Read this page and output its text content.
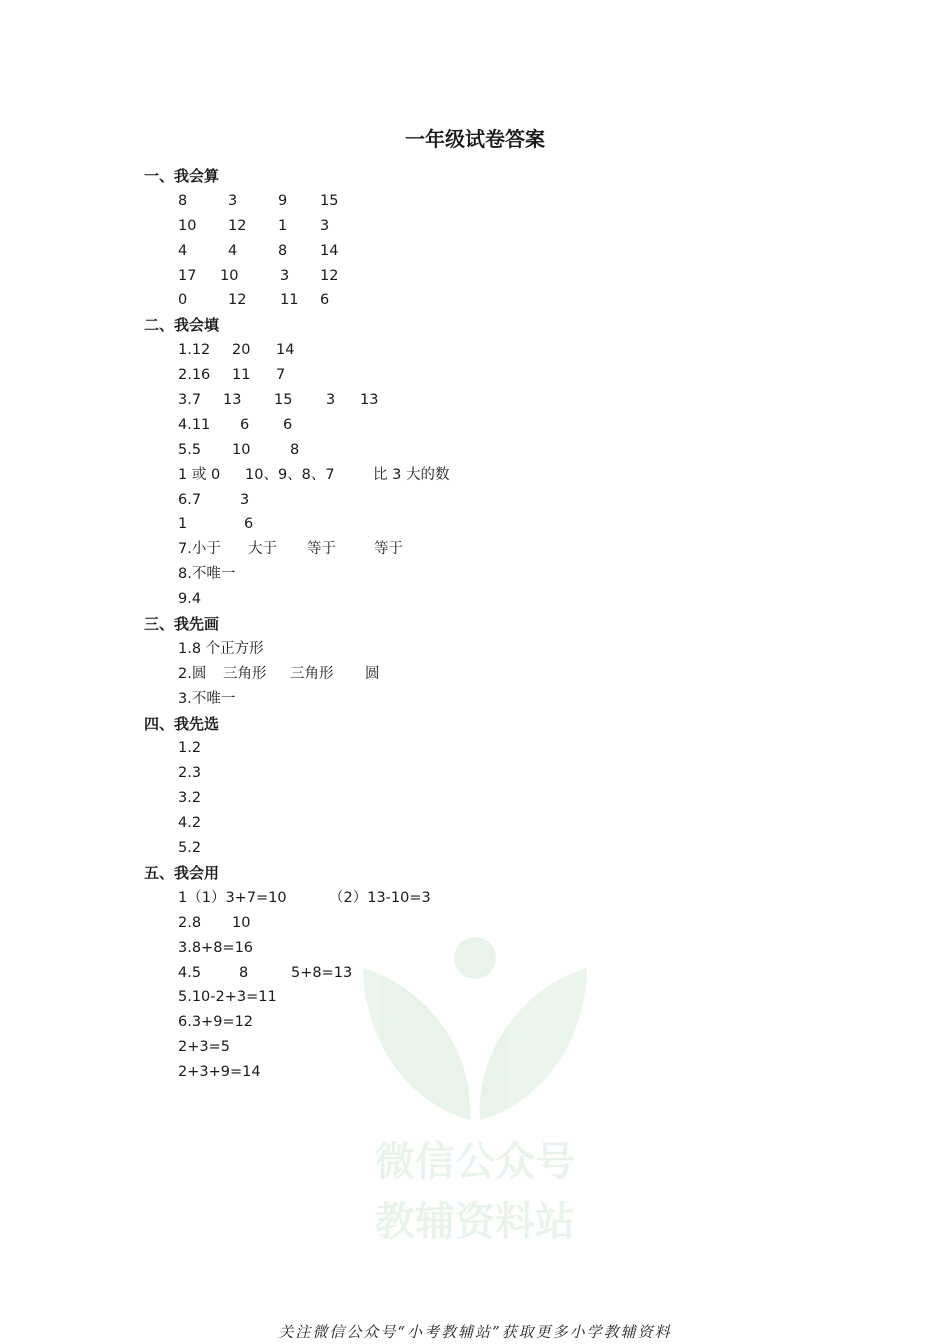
一年级试卷答案
一、我会算
8	3	9 15
10 12 1 3
4	4	8 14
17 10	3 12
0	12 11 6
二、我会填
1.12 20 14
2.16 11 7
3.7 13 15 3 13
4.11 6 6
5.5 10	8
1 或 0 10、9、8、7	比 3 大的数
6.7	3
1	6
7.小于 大于 等于	等于
8.不唯一
9.4
三、我先画
1.8 个正方形
2.圆 三角形 三角形 圆
3.不唯一
四、我先选
1.2
2.3
3.2
4.2
5.2
五、我会用
1（1）3+7=10	（2）13-10=3
2.8 10
3.8+8=16
4.5	8	5+8=13
5.10-2+3=11
6.3+9=12
2+3=5
2+3+9=14
微信公众号
教辅资料站
关注微信公众号“小考教辅站”获取更多小学教辅资料
